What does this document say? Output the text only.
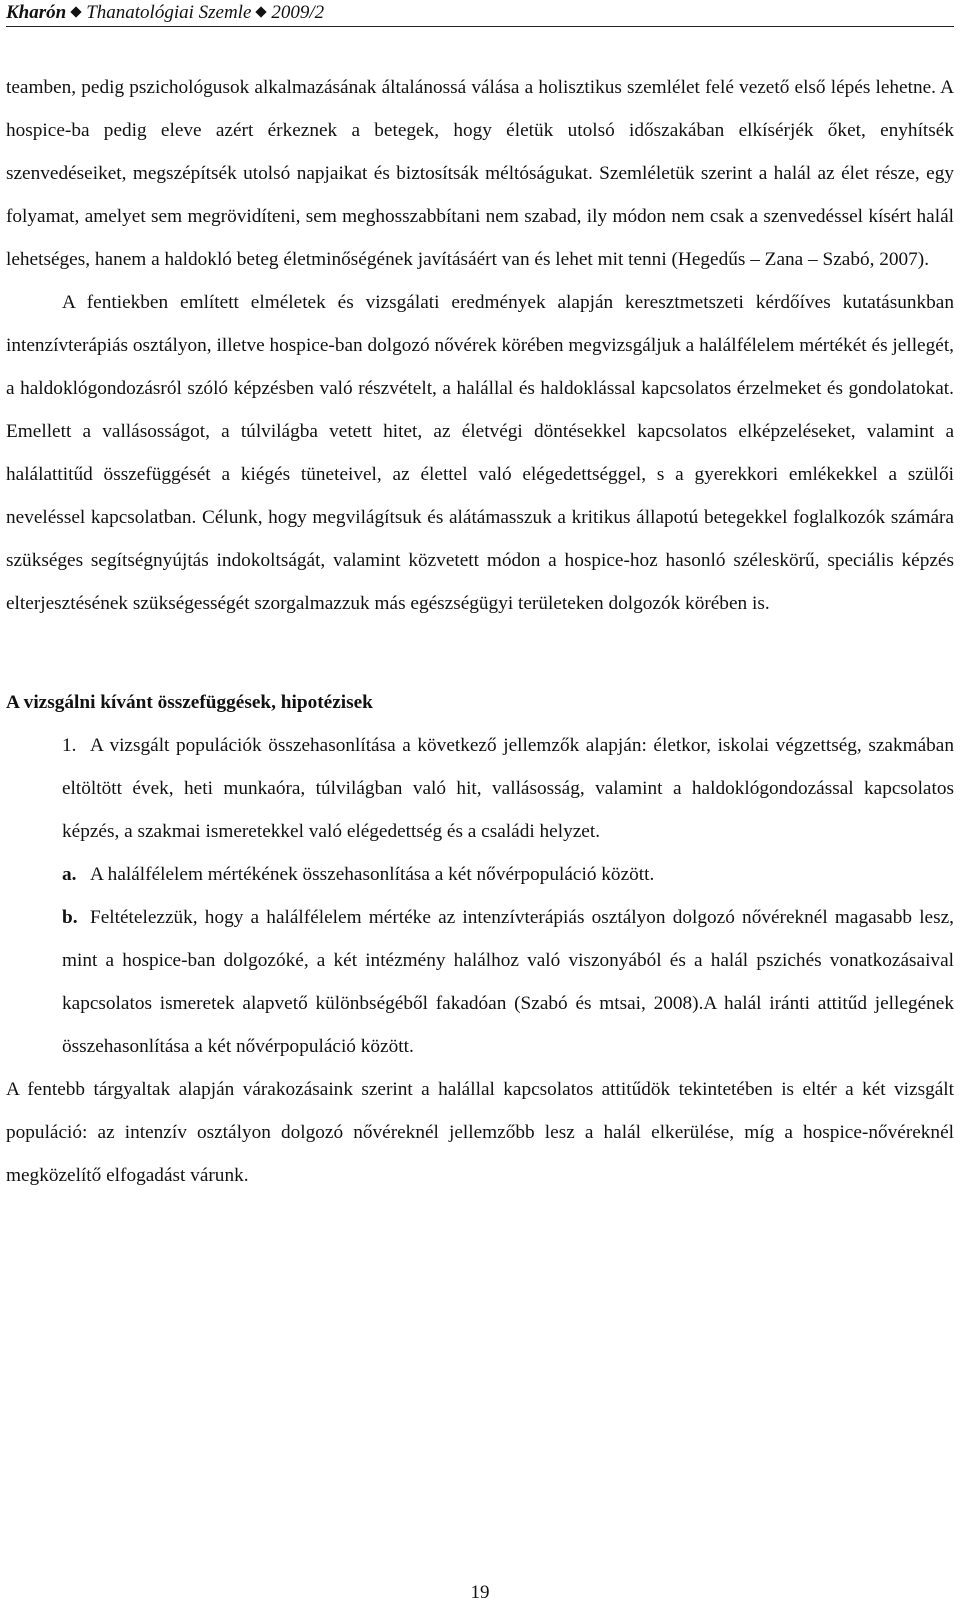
Kharón Thanatológiai Szemle 2009/2

teamben, pedig pszichológusok alkalmazásának általánossá válása a holisztikus szemlélet felé vezető első lépés lehetne. A hospice-ba pedig eleve azért érkeznek a betegek, hogy életük utolsó időszakában elkísérjék őket, enyhítsék szenvedéseiket, megszépítsék utolsó napjaikat és biztosítsák méltóságukat. Szemléletük szerint a halál az élet része, egy folyamat, amelyet sem megrövidíteni, sem meghosszabbítani nem szabad, ily módon nem csak a szenvedéssel kísért halál lehetséges, hanem a haldokló beteg életminőségének javításáért van és lehet mit tenni (Hegedűs – Zana – Szabó, 2007).

A fentiekben említett elméletek és vizsgálati eredmények alapján keresztmetszeti kérdőíves kutatásunkban intenzívterápiás osztályon, illetve hospice-ban dolgozó nővérek körében megvizsgáljuk a halálfélelem mértékét és jellegét, a haldoklógondozásról szóló képzésben való részvételt, a halállal és haldoklással kapcsolatos érzelmeket és gondolatokat. Emellett a vallásosságot, a túlvilágba vetett hitet, az életvégi döntésekkel kapcsolatos elképzeléseket, valamint a halálattitűd összefüggését a kiégés tüneteivel, az élettel való elégedettséggel, s a gyerekkori emlékekkel a szülői neveléssel kapcsolatban. Célunk, hogy megvilágítsuk és alátámasszuk a kritikus állapotú betegekkel foglalkozók számára szükséges segítségnyújtás indokoltságát, valamint közvetett módon a hospice-hoz hasonló széleskörű, speciális képzés elterjesztésének szükségességét szorgalmazzuk más egészségügyi területeken dolgozók körében is.

A vizsgálni kívánt összefüggések, hipotézisek
1. A vizsgált populációk összehasonlítása a következő jellemzők alapján: életkor, iskolai végzettség, szakmában eltöltött évek, heti munkaóra, túlvilágban való hit, vallásosság, valamint a haldoklógondozással kapcsolatos képzés, a szakmai ismeretekkel való elégedettség és a családi helyzet.
a. A halálfélelem mértékének összehasonlítása a két nővérpopuláció között.
b. Feltételezzük, hogy a halálfélelem mértéke az intenzívterápiás osztályon dolgozó nővéreknél magasabb lesz, mint a hospice-ban dolgozóké, a két intézmény halálhoz való viszonyából és a halál pszichés vonatkozásaival kapcsolatos ismeretek alapvető különbségéből fakadóan (Szabó és mtsai, 2008).A halál iránti attitűd jellegének összehasonlítása a két nővérpopuláció között.

A fentebb tárgyaltak alapján várakozásaink szerint a halállal kapcsolatos attitűdök tekintetében is eltér a két vizsgált populáció: az intenzív osztályon dolgozó nővéreknél jellemzőbb lesz a halál elkerülése, míg a hospice-nővéreknél megközelítő elfogadást várunk.

19
